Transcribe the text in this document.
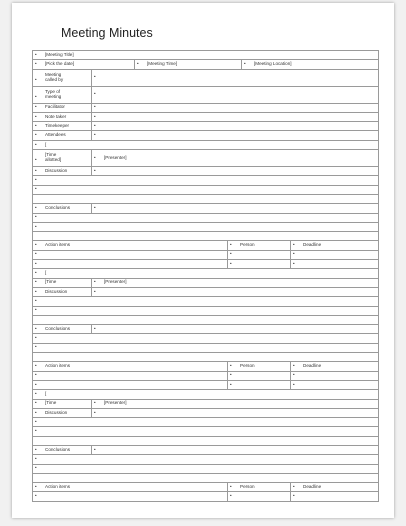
Meeting Minutes
• [Meeting Title]					
• [Pick the date]		• [Meeting Time]		• [Meeting Location]	
•Meeting called by	•				
•Type of meeting	•				
• Facilitator	•				
• Note taker	•				
• Timekeeper	•				
• Attendees	•				
• [					
•[Time allotted]	• [Presenter]				
• Discussion	•				
•					
•					

• Conclusions	•				
•					
•					

• Action items			• Person		• Deadline
•			•		•
•			•		•
• [					
• [Time	• [Presenter]				
• Discussion	•				
•					
•					

• Conclusions	•				
•					
•					

• Action items			• Person		• Deadline
•			•		•
•			•		•
• [					
• [Time	• [Presenter]				
• Discussion	•				
•					
•					

• Conclusions	•				
•					
•					

• Action items			• Person		• Deadline
•			•		•
